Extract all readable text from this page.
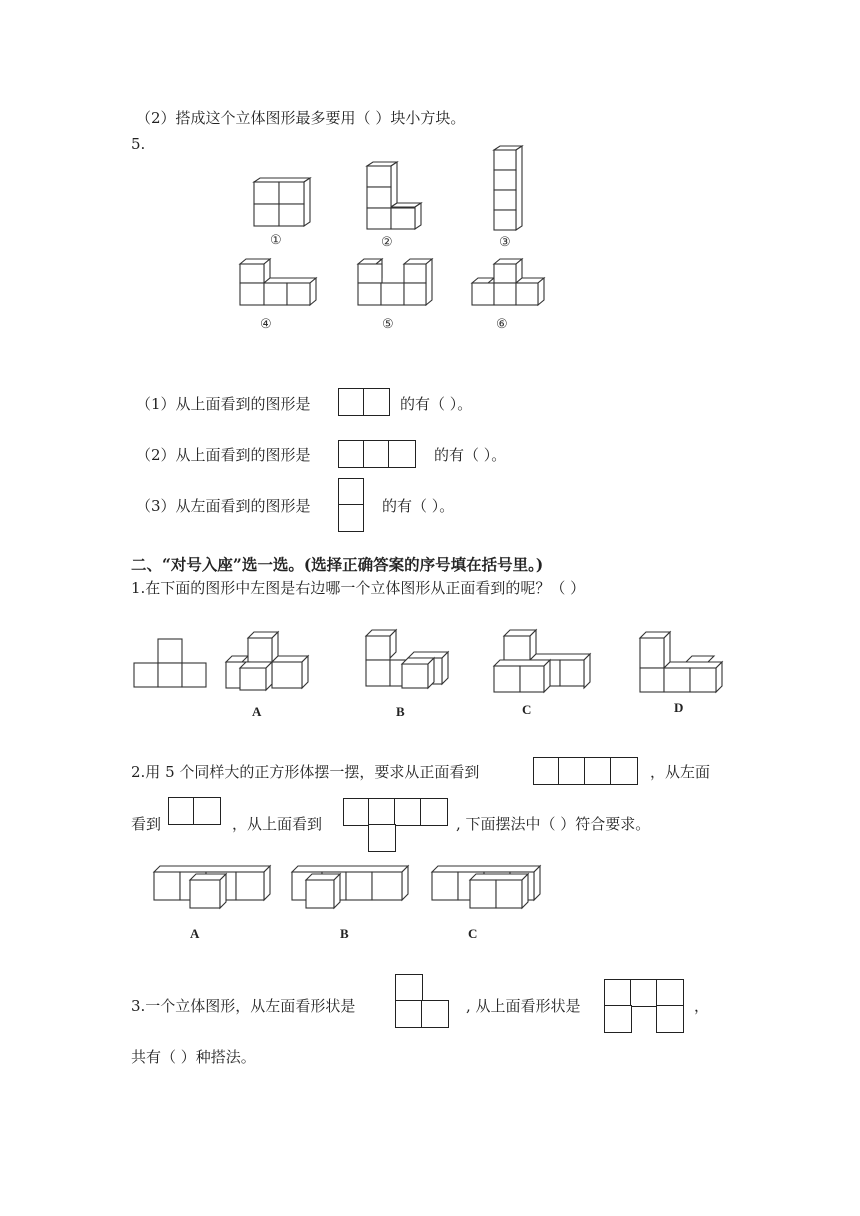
（2）搭成这个立体图形最多要用（ ）块小方块。
5.
①	②	③
④	⑤	⑥
（1）从上面看到的图形是	的有（ ）。
（2）从上面看到的图形是	的有（ ）。
（3）从左面看到的图形是	的有（ ）。
二、“对号入座”选一选。(选择正确答案的序号填在括号里。)
1.在下面的图形中左图是右边哪一个立体图形从正面看到的呢？（ ）
A	B	C	D
2.用 5 个同样大的正方形体摆一摆，要求从正面看到	，从左面
看到	，从上面看到	, 下面摆法中（ ）符合要求。
A	B	C
3.一个立体图形，从左面看形状是	, 从上面看形状是	，
共有（ ）种搭法。
